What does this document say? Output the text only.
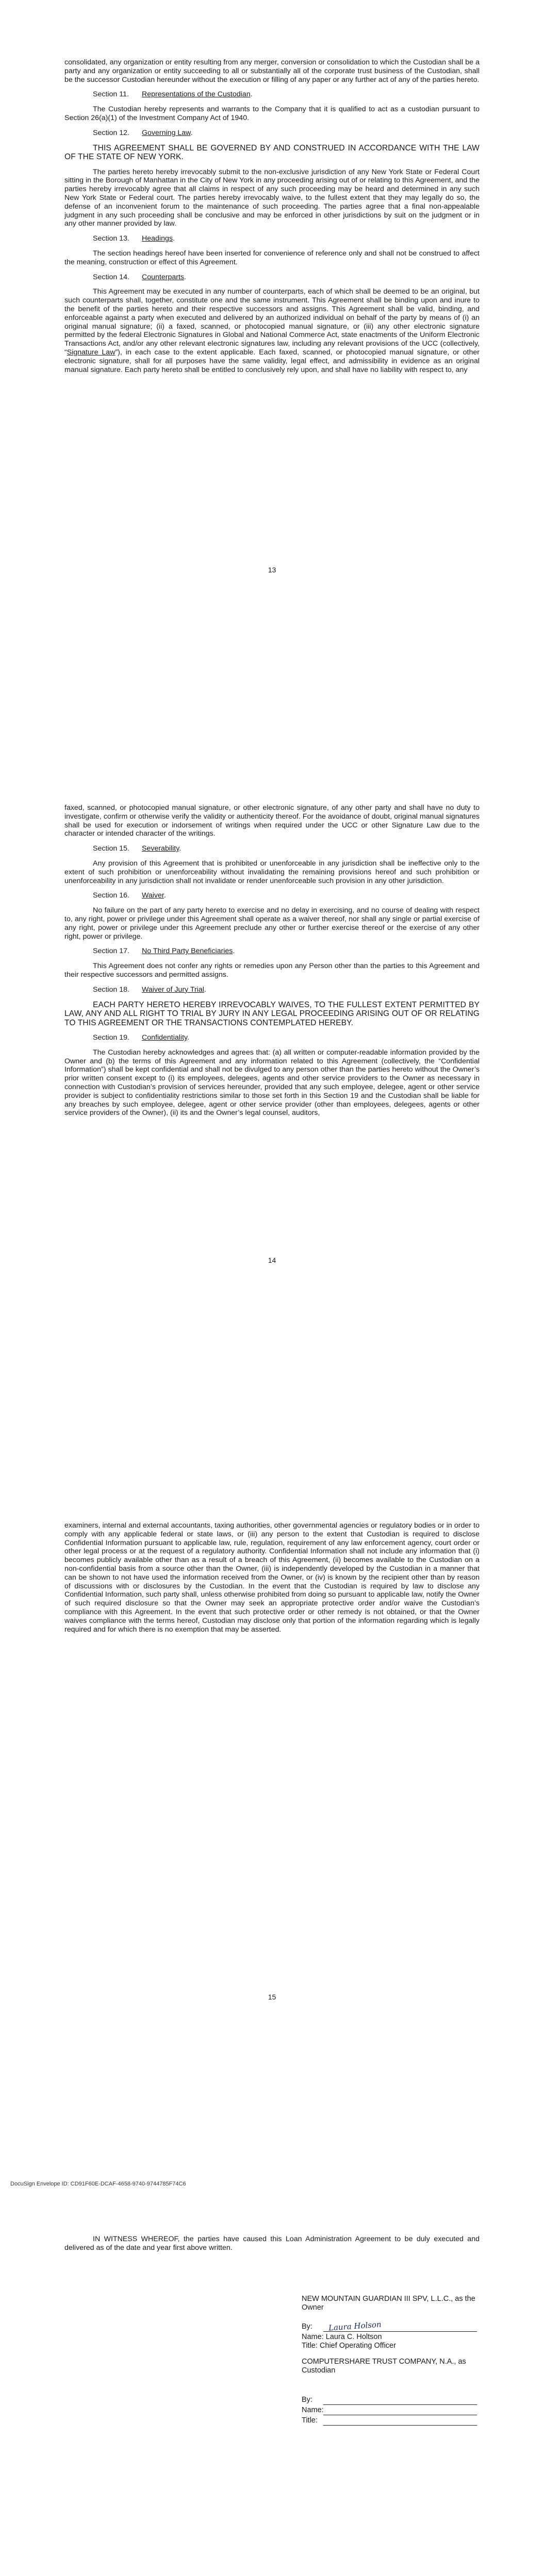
consolidated, any organization or entity resulting from any merger, conversion or consolidation to which the Custodian shall be a party and any organization or entity succeeding to all or substantially all of the corporate trust business of the Custodian, shall be the successor Custodian hereunder without the execution or filling of any paper or any further act of any of the parties hereto.

Section 11. Representations of the Custodian.

The Custodian hereby represents and warrants to the Company that it is qualified to act as a custodian pursuant to Section 26(a)(1) of the Investment Company Act of 1940.

Section 12. Governing Law.

THIS AGREEMENT SHALL BE GOVERNED BY AND CONSTRUED IN ACCORDANCE WITH THE LAW OF THE STATE OF NEW YORK.

The parties hereto hereby irrevocably submit to the non-exclusive jurisdiction of any New York State or Federal Court sitting in the Borough of Manhattan in the City of New York in any proceeding arising out of or relating to this Agreement, and the parties hereby irrevocably agree that all claims in respect of any such proceeding may be heard and determined in any such New York State or Federal court. The parties hereby irrevocably waive, to the fullest extent that they may legally do so, the defense of an inconvenient forum to the maintenance of such proceeding. The parties agree that a final non-appealable judgment in any such proceeding shall be conclusive and may be enforced in other jurisdictions by suit on the judgment or in any other manner provided by law.

Section 13. Headings.

The section headings hereof have been inserted for convenience of reference only and shall not be construed to affect the meaning, construction or effect of this Agreement.

Section 14. Counterparts.

This Agreement may be executed in any number of counterparts, each of which shall be deemed to be an original, but such counterparts shall, together, constitute one and the same instrument. This Agreement shall be binding upon and inure to the benefit of the parties hereto and their respective successors and assigns. This Agreement shall be valid, binding, and enforceable against a party when executed and delivered by an authorized individual on behalf of the party by means of (i) an original manual signature; (ii) a faxed, scanned, or photocopied manual signature, or (iii) any other electronic signature permitted by the federal Electronic Signatures in Global and National Commerce Act, state enactments of the Uniform Electronic Transactions Act, and/or any other relevant electronic signatures law, including any relevant provisions of the UCC (collectively, “Signature Law”), in each case to the extent applicable. Each faxed, scanned, or photocopied manual signature, or other electronic signature, shall for all purposes have the same validity, legal effect, and admissibility in evidence as an original manual signature. Each party hereto shall be entitled to conclusively rely upon, and shall have no liability with respect to, any

13

faxed, scanned, or photocopied manual signature, or other electronic signature, of any other party and shall have no duty to investigate, confirm or otherwise verify the validity or authenticity thereof. For the avoidance of doubt, original manual signatures shall be used for execution or indorsement of writings when required under the UCC or other Signature Law due to the character or intended character of the writings.

Section 15. Severability.

Any provision of this Agreement that is prohibited or unenforceable in any jurisdiction shall be ineffective only to the extent of such prohibition or unenforceability without invalidating the remaining provisions hereof and such prohibition or unenforceability in any jurisdiction shall not invalidate or render unenforceable such provision in any other jurisdiction.

Section 16. Waiver.

No failure on the part of any party hereto to exercise and no delay in exercising, and no course of dealing with respect to, any right, power or privilege under this Agreement shall operate as a waiver thereof, nor shall any single or partial exercise of any right, power or privilege under this Agreement preclude any other or further exercise thereof or the exercise of any other right, power or privilege.

Section 17. No Third Party Beneficiaries.

This Agreement does not confer any rights or remedies upon any Person other than the parties to this Agreement and their respective successors and permitted assigns.

Section 18. Waiver of Jury Trial.

EACH PARTY HERETO HEREBY IRREVOCABLY WAIVES, TO THE FULLEST EXTENT PERMITTED BY LAW, ANY AND ALL RIGHT TO TRIAL BY JURY IN ANY LEGAL PROCEEDING ARISING OUT OF OR RELATING TO THIS AGREEMENT OR THE TRANSACTIONS CONTEMPLATED HEREBY.

Section 19. Confidentiality.

The Custodian hereby acknowledges and agrees that: (a) all written or computer-readable information provided by the Owner and (b) the terms of this Agreement and any information related to this Agreement (collectively, the “Confidential Information”) shall be kept confidential and shall not be divulged to any person other than the parties hereto without the Owner’s prior written consent except to (i) its employees, delegees, agents and other service providers to the Owner as necessary in connection with Custodian’s provision of services hereunder, provided that any such employee, delegee, agent or other service provider is subject to confidentiality restrictions similar to those set forth in this Section 19 and the Custodian shall be liable for any breaches by such employee, delegee, agent or other service provider (other than employees, delegees, agents or other service providers of the Owner), (ii) its and the Owner’s legal counsel, auditors,

14

examiners, internal and external accountants, taxing authorities, other governmental agencies or regulatory bodies or in order to comply with any applicable federal or state laws, or (iii) any person to the extent that Custodian is required to disclose Confidential Information pursuant to applicable law, rule, regulation, requirement of any law enforcement agency, court order or other legal process or at the request of a regulatory authority. Confidential Information shall not include any information that (i) becomes publicly available other than as a result of a breach of this Agreement, (ii) becomes available to the Custodian on a non-confidential basis from a source other than the Owner, (iii) is independently developed by the Custodian in a manner that can be shown to not have used the information received from the Owner, or (iv) is known by the recipient other than by reason of discussions with or disclosures by the Custodian. In the event that the Custodian is required by law to disclose any Confidential Information, such party shall, unless otherwise prohibited from doing so pursuant to applicable law, notify the Owner of such required disclosure so that the Owner may seek an appropriate protective order and/or waive the Custodian’s compliance with this Agreement. In the event that such protective order or other remedy is not obtained, or that the Owner waives compliance with the terms hereof, Custodian may disclose only that portion of the information regarding which is legally required and for which there is no exemption that may be asserted.

15
DocuSign Envelope ID: CD91F60E-DCAF-4658-9740-9744785F74C6

IN WITNESS WHEREOF, the parties have caused this Loan Administration Agreement to be duly executed and delivered as of the date and year first above written.

NEW MOUNTAIN GUARDIAN III SPV, L.L.C., as the Owner
By: Laura Holson
Name: Laura C. Holtson
Title: Chief Operating Officer
COMPUTERSHARE TRUST COMPANY, N.A., as Custodian
By:
Name:
Title:
